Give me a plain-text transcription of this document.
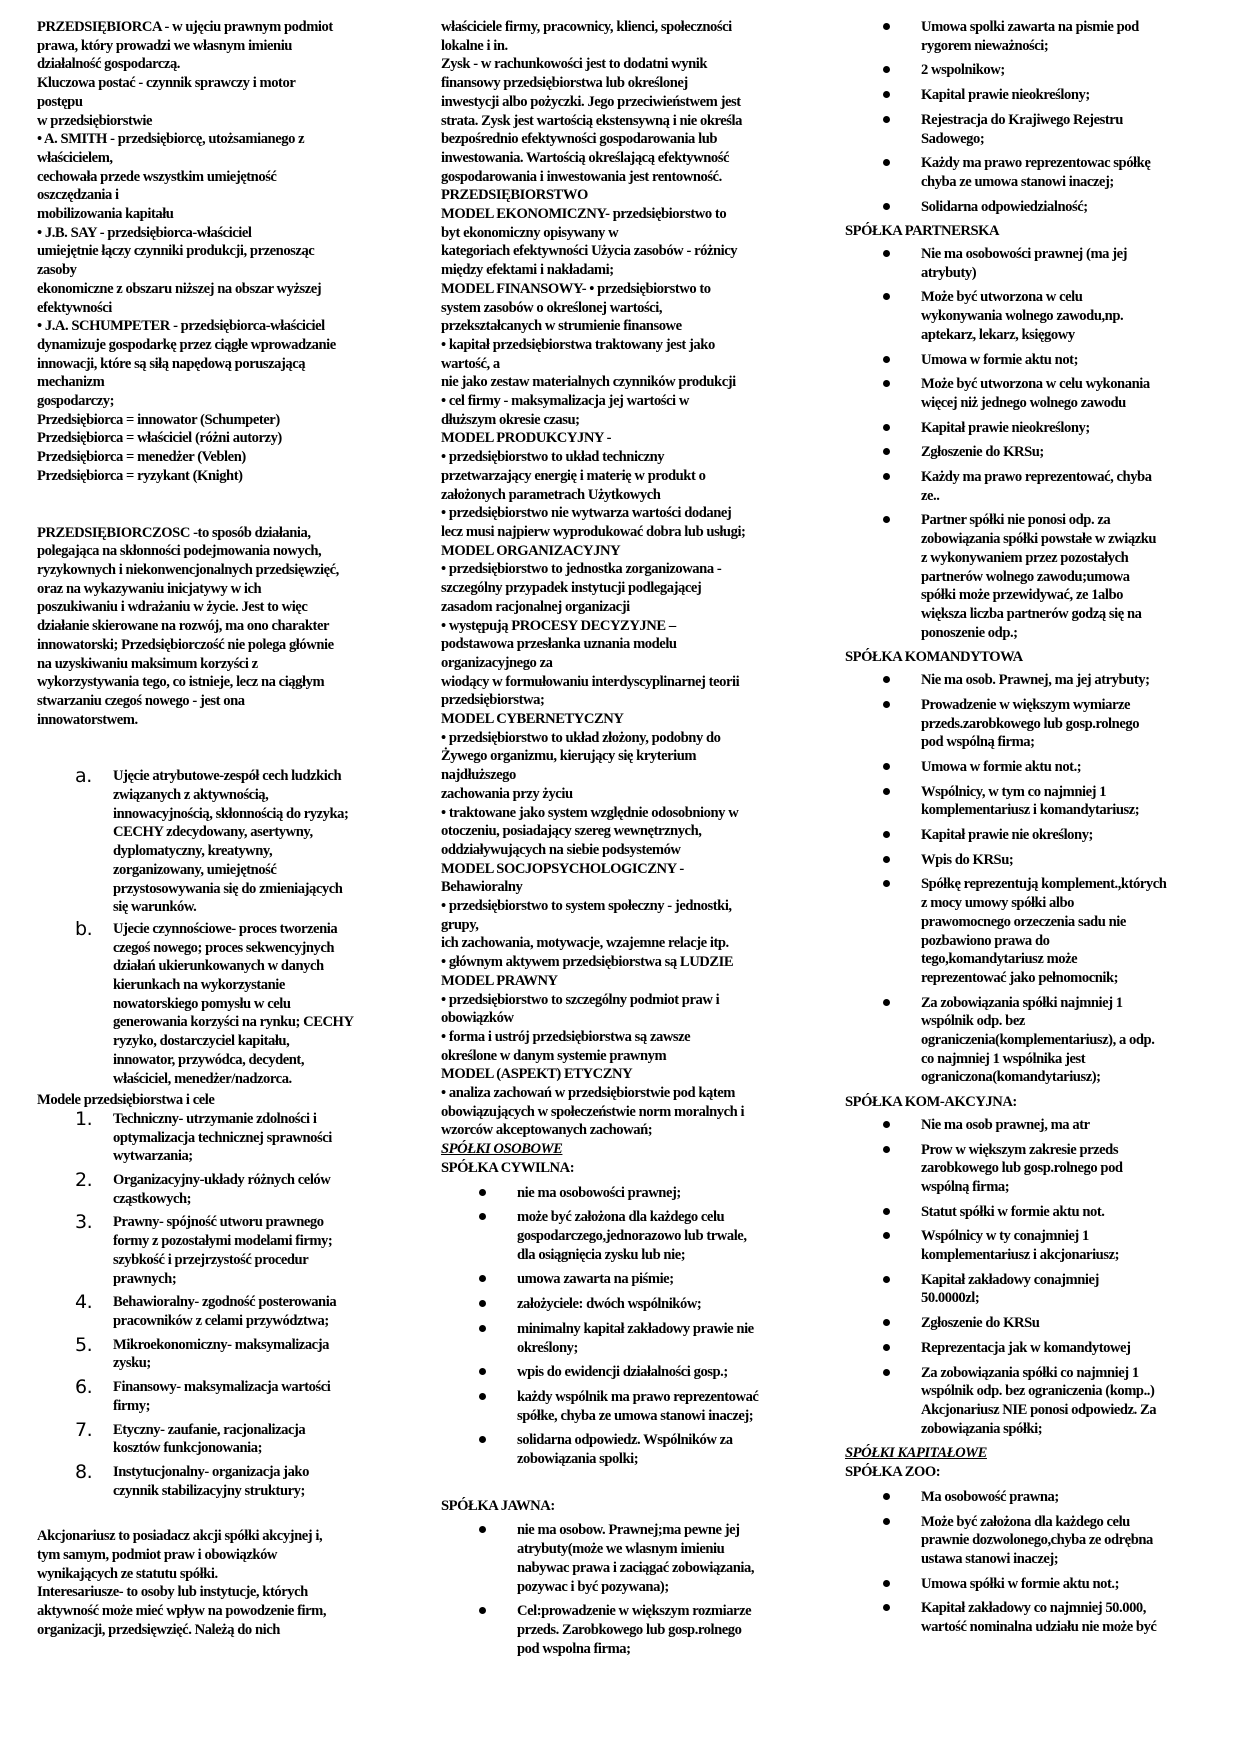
PRZEDSIĘBIORCA - w ujęciu prawnym podmiot
prawa, który prowadzi we własnym imieniu
działalność gospodarczą.
Kluczowa postać - czynnik sprawczy i motor
postępu
w przedsiębiorstwie
• A. SMITH - przedsiębiorcę, utożsamianego z
właścicielem,
cechowała przede wszystkim umiejętność
oszczędzania i
mobilizowania kapitału
• J.B. SAY - przedsiębiorca-właściciel
umiejętnie łączy czynniki produkcji, przenosząc
zasoby
ekonomiczne z obszaru niższej na obszar wyższej
efektywności
• J.A. SCHUMPETER - przedsiębiorca-właściciel
dynamizuje gospodarkę przez ciągłe wprowadzanie
innowacji, które są siłą napędową poruszającą
mechanizm
gospodarczy;
Przedsiębiorca = innowator (Schumpeter)
Przedsiębiorca = właściciel (różni autorzy)
Przedsiębiorca = menedżer (Veblen)
Przedsiębiorca = ryzykant (Knight)
PRZEDSIĘBIORCZOSC -to sposób działania,
polegająca na skłonności podejmowania nowych,
ryzykownych i niekonwencjonalnych przedsięwzięć,
oraz na wykazywaniu inicjatywy w ich
poszukiwaniu i wdrażaniu w życie. Jest to więc
działanie skierowane na rozwój, ma ono charakter
innowatorski; Przedsiębiorczość nie polega głównie
na uzyskiwaniu maksimum korzyści z
wykorzystywania tego, co istnieje, lecz na ciągłym
stwarzaniu czegoś nowego - jest ona
innowatorstwem.
a.	Ujęcie atrybutowe-zespół cech ludzkich
związanych z aktywnością,
innowacyjnością, skłonnością do ryzyka;
CECHY zdecydowany, asertywny,
dyplomatyczny, kreatywny,
zorganizowany, umiejętność
przystosowywania się do zmieniających
się warunków.
b.	Ujecie czynnościowe- proces tworzenia
czegoś nowego; proces sekwencyjnych
działań ukierunkowanych w danych
kierunkach na wykorzystanie
nowatorskiego pomysłu w celu
generowania korzyści na rynku; CECHY
ryzyko, dostarczyciel kapitału,
innowator, przywódca, decydent,
właściciel, menedżer/nadzorca.
Modele przedsiębiorstwa i cele
1.	Techniczny- utrzymanie zdolności i
optymalizacja technicznej sprawności
wytwarzania;
2.	Organizacyjny-układy różnych celów
cząstkowych;
3.	Prawny- spójność utworu prawnego
formy z pozostałymi modelami firmy;
szybkość i przejrzystość procedur
prawnych;
4.	Behawioralny- zgodność posterowania
pracowników z celami przywództwa;
5.	Mikroekonomiczny- maksymalizacja
zysku;
6.	Finansowy- maksymalizacja wartości
firmy;
7.	Etyczny- zaufanie, racjonalizacja
kosztów funkcjonowania;
8.	Instytucjonalny- organizacja jako
czynnik stabilizacyjny struktury;
Akcjonariusz to posiadacz akcji spółki akcyjnej i,
tym samym, podmiot praw i obowiązków
wynikających ze statutu spółki.
Interesariusze- to osoby lub instytucje, których
aktywność może mieć wpływ na powodzenie firm,
organizacji, przedsięwzięć. Należą do nich
właściciele firmy, pracownicy, klienci, społeczności
lokalne i in.
Zysk - w rachunkowości jest to dodatni wynik
finansowy przedsiębiorstwa lub określonej
inwestycji albo pożyczki. Jego przeciwieństwem jest
strata. Zysk jest wartością ekstensywną i nie określa
bezpośrednio efektywności gospodarowania lub
inwestowania. Wartością określającą efektywność
gospodarowania i inwestowania jest rentowność.
PRZEDSIĘBIORSTWO
MODEL EKONOMICZNY- przedsiębiorstwo to
byt ekonomiczny opisywany w
kategoriach efektywności Użycia zasobów - różnicy
między efektami i nakładami;
MODEL FINANSOWY- • przedsiębiorstwo to
system zasobów o określonej wartości,
przekształcanych w strumienie finansowe
• kapitał przedsiębiorstwa traktowany jest jako
wartość, a
nie jako zestaw materialnych czynników produkcji
• cel firmy - maksymalizacja jej wartości w
dłuższym okresie czasu;
MODEL PRODUKCYJNY -
• przedsiębiorstwo to układ techniczny
przetwarzający energię i materię w produkt o
założonych parametrach Użytkowych
• przedsiębiorstwo nie wytwarza wartości dodanej
lecz musi najpierw wyprodukować dobra lub usługi;
MODEL ORGANIZACYJNY
• przedsiębiorstwo to jednostka zorganizowana -
szczególny przypadek instytucji podlegającej
zasadom racjonalnej organizacji
• występują PROCESY DECYZYJNE –
podstawowa przesłanka uznania modelu
organizacyjnego za
wiodący w formułowaniu interdyscyplinarnej teorii
przedsiębiorstwa;
MODEL CYBERNETYCZNY
• przedsiębiorstwo to układ złożony, podobny do
Żywego organizmu, kierujący się kryterium
najdłuższego
zachowania przy życiu
• traktowane jako system względnie odosobniony w
otoczeniu, posiadający szereg wewnętrznych,
oddziaływujących na siebie podsystemów
MODEL SOCJOPSYCHOLOGICZNY -
Behawioralny
• przedsiębiorstwo to system społeczny - jednostki,
grupy,
ich zachowania, motywacje, wzajemne relacje itp.
• głównym aktywem przedsiębiorstwa są LUDZIE
MODEL PRAWNY
• przedsiębiorstwo to szczególny podmiot praw i
obowiązków
• forma i ustrój przedsiębiorstwa są zawsze
określone w danym systemie prawnym
MODEL (ASPEKT) ETYCZNY
• analiza zachowań w przedsiębiorstwie pod kątem
obowiązujących w społeczeństwie norm moralnych i
wzorców akceptowanych zachowań;
SPÓŁKI OSOBOWE
SPÓŁKA CYWILNA:
nie ma osobowości prawnej;
może być założona dla każdego celu
gospodarczego,jednorazowo lub trwale,
dla osiągnięcia zysku lub nie;
umowa zawarta na piśmie;
założyciele: dwóch wspólników;
minimalny kapitał zakładowy prawie nie
określony;
wpis do ewidencji działalności gosp.;
każdy wspólnik ma prawo reprezentować
spółke, chyba ze umowa stanowi inaczej;
solidarna odpowiedz. Wspólników za
zobowiązania spolki;
SPÓŁKA JAWNA:
nie ma osobow. Prawnej;ma pewne jej
atrybuty(może we wlasnym imieniu
nabywac prawa i zaciągać zobowiązania,
pozywac i być pozywana);
Cel:prowadzenie w większym rozmiarze
przeds. Zarobkowego lub gosp.rolnego
pod wspolna firma;
Umowa spolki zawarta na pismie pod
rygorem nieważności;
2 wspolnikow;
Kapital prawie nieokreślony;
Rejestracja do Krajiwego Rejestru
Sadowego;
Każdy ma prawo reprezentowac spółkę
chyba ze umowa stanowi inaczej;
Solidarna odpowiedzialność;
SPÓŁKA PARTNERSKA
Nie ma osobowości prawnej (ma jej
atrybuty)
Może być utworzona w celu
wykonywania wolnego zawodu,np.
aptekarz, lekarz, księgowy
Umowa w formie aktu not;
Może być utworzona w celu wykonania
więcej niż jednego wolnego zawodu
Kapitał prawie nieokreślony;
Zgłoszenie do KRSu;
Każdy ma prawo reprezentować, chyba
ze..
Partner spółki nie ponosi odp. za
zobowiązania spółki powstałe w związku
z wykonywaniem przez pozostałych
partnerów wolnego zawodu;umowa
spółki może przewidywać, ze 1albo
większa liczba partnerów godzą się na
ponoszenie odp.;
SPÓŁKA KOMANDYTOWA
Nie ma osob. Prawnej, ma jej atrybuty;
Prowadzenie w większym wymiarze
przeds.zarobkowego lub gosp.rolnego
pod wspólną firma;
Umowa w formie aktu not.;
Wspólnicy, w tym co najmniej 1
komplementariusz i komandytariusz;
Kapitał prawie nie określony;
Wpis do KRSu;
Spółkę reprezentują komplement.,których
z mocy umowy spółki albo
prawomocnego orzeczenia sadu nie
pozbawiono prawa do
tego,komandytariusz może
reprezentować jako pełnomocnik;
Za zobowiązania spółki najmniej 1
wspólnik odp. bez
ograniczenia(komplementariusz), a odp.
co najmniej 1 wspólnika jest
ograniczona(komandytariusz);
SPÓŁKA KOM-AKCYJNA:
Nie ma osob prawnej, ma atr
Prow w większym zakresie przeds
zarobkowego lub gosp.rolnego pod
wspólną firma;
Statut spółki w formie aktu not.
Wspólnicy w ty conajmniej 1
komplementariusz i akcjonariusz;
Kapitał zakładowy conajmniej
50.0000zl;
Zgłoszenie do KRSu
Reprezentacja jak w komandytowej
Za zobowiązania spółki co najmniej 1
wspólnik odp. bez ograniczenia (komp..)
Akcjonariusz NIE ponosi odpowiedz. Za
zobowiązania spółki;
SPÓŁKI KAPITAŁOWE
SPÓŁKA ZOO:
Ma osobowość prawna;
Może być założona dla każdego celu
prawnie dozwolonego,chyba ze odrębna
ustawa stanowi inaczej;
Umowa spółki w formie aktu not.;
Kapitał zakładowy co najmniej 50.000,
wartość nominalna udziału nie może być
